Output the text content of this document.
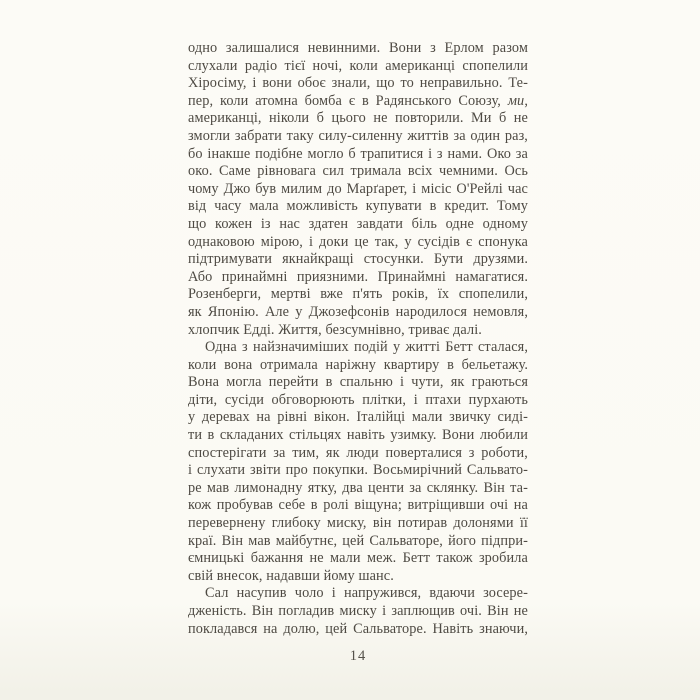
одно залишалися невинними. Вони з Ерлом разом
слухали радіо тієї ночі, коли американці спопелили
Хіросіму, і вони обоє знали, що то неправильно. Те-
пер, коли атомна бомба є в Радянського Союзу, ми,
американці, ніколи б цього не повторили. Ми б не
змогли забрати таку силу-силенну життів за один раз,
бо інакше подібне могло б трапитися і з нами. Око за
око. Саме рівновага сил тримала всіх чемними. Ось
чому Джо був милим до Марґарет, і місіс О'Рейлі час
від часу мала можливість купувати в кредит. Тому
що кожен із нас здатен завдати біль одне одному
однаковою мірою, і доки це так, у сусідів є спонука
підтримувати якнайкращі стосунки. Бути друзями.
Або принаймні приязними. Принаймні намагатися.
Розенберги, мертві вже п'ять років, їх спопелили,
як Японію. Але у Джозефсонів народилося немовля,
хлопчик Едді. Життя, безсумнівно, триває далі.
Одна з найзначиміших подій у житті Бетт сталася,
коли вона отримала наріжну квартиру в бельетажу.
Вона могла перейти в спальню і чути, як граються
діти, сусіди обговорюють плітки, і птахи пурхають
у деревах на рівні вікон. Італійці мали звичку сиді-
ти в складаних стільцях навіть узимку. Вони любили
спостерігати за тим, як люди поверталися з роботи,
і слухати звіти про покупки. Восьмирічний Сальвато-
ре мав лимонадну ятку, два центи за склянку. Він та-
кож пробував себе в ролі віщуна; витріщивши очі на
перевернену глибоку миску, він потирав долонями її
краї. Він мав майбутнє, цей Сальваторе, його підпри-
ємницькі бажання не мали меж. Бетт також зробила
свій внесок, надавши йому шанс.
Сал насупив чоло і напружився, вдаючи зосере-
дженість. Він погладив миску і заплющив очі. Він не
покладався на долю, цей Сальваторе. Навіть знаючи,
14
